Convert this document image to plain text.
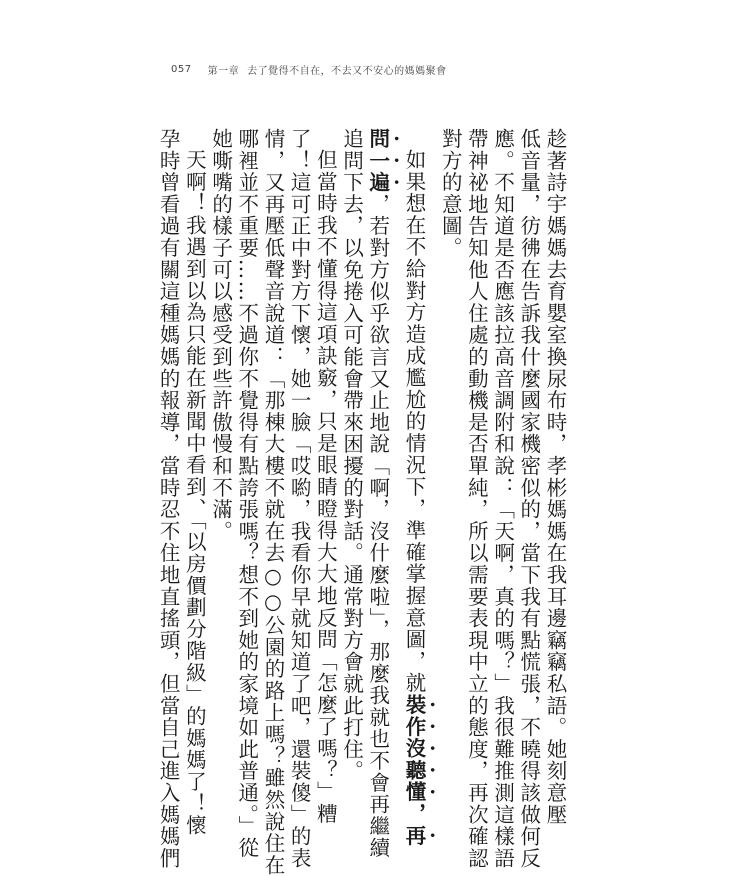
057 第一章 去了覺得不自在，不去又不安心的媽媽聚會
趁著詩宇媽媽去育嬰室換尿布時，孝彬媽媽在我耳邊竊竊私語。她刻意壓
低音量，彷彿在告訴我什麼國家機密似的，當下我有點慌張，不曉得該做何反
應。不知道是否應該拉高音調附和說：「天啊，真的嗎？」我很難推測這樣語
帶神祕地告知他人住處的動機是否單純，所以需要表現中立的態度，再次確認
對方的意圖。
如果想在不給對方造成尷尬的情況下，準確掌握意圖，就裝作沒聽懂，再
問一遍，若對方似乎欲言又止地說「啊，沒什麼啦」，那麼我就也不會再繼續
追問下去，以免捲入可能會帶來困擾的對話。通常對方會就此打住。
但當時我不懂得這項訣竅，只是眼睛瞪得大大地反問「怎麼了嗎？」糟
了！這可正中對方下懷，她一臉「哎喲，我看你早就知道了吧，還裝傻」的表
情，又再壓低聲音說道：「那棟大樓不就在去○○公園的路上嗎？雖然說住在
哪裡並不重要……不過你不覺得有點誇張嗎？想不到她的家境如此普通。」從
她嘶嘴的樣子可以感受到些許傲慢和不滿。
天啊！我遇到以為只能在新聞中看到、「以房價劃分階級」的媽媽了！懷
孕時曾看過有關這種媽媽的報導，當時忍不住地直搖頭，但當自己進入媽媽們
